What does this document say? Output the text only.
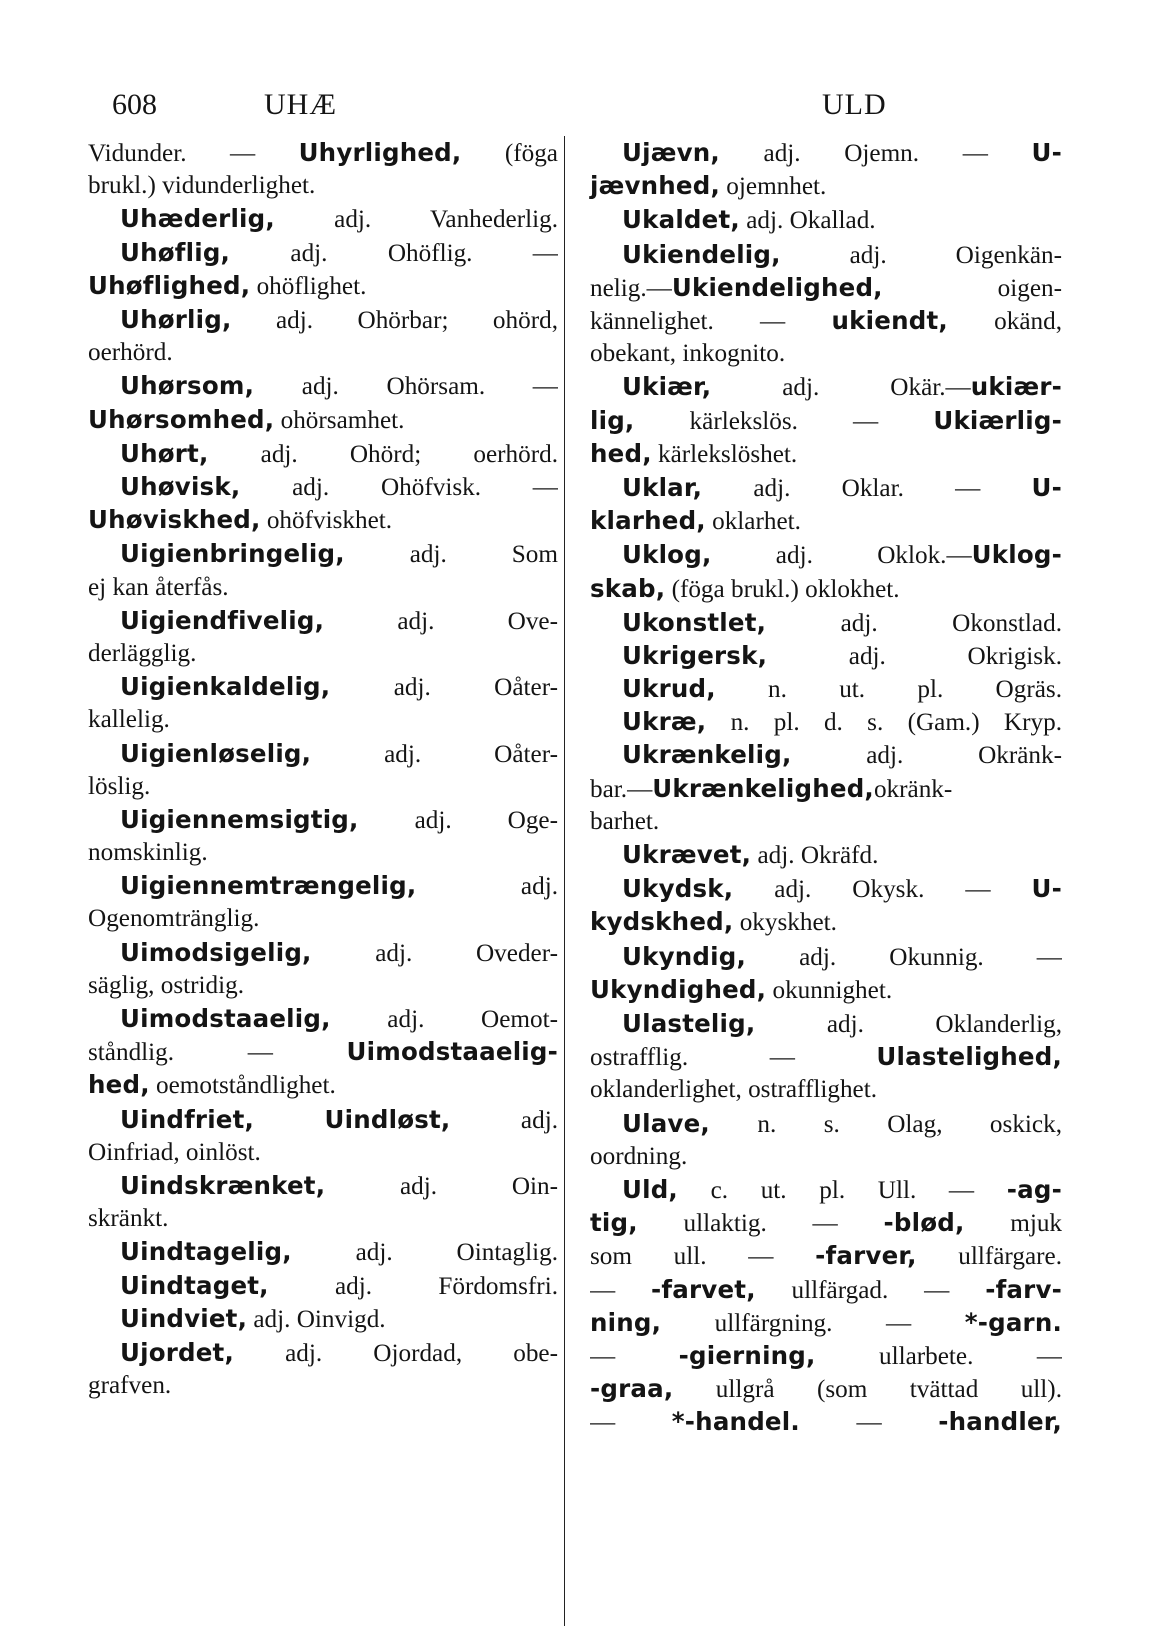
608	UHÆ	ULD
Vidunder. — Uhyrlighed, (föga
brukl.) vidunderlighet.
Uhæderlig, adj. Vanhederlig.
Uhøflig, adj. Ohöflig. —
Uhøflighed, ohöflighet.
Uhørlig, adj. Ohörbar; ohörd,
oerhörd.
Uhørsom, adj. Ohörsam. —
Uhørsomhed, ohörsamhet.
Uhørt, adj. Ohörd; oerhörd.
Uhøvisk, adj. Ohöfvisk. —
Uhøviskhed, ohöfviskhet.
Uigienbringelig, adj. Som
ej kan återfås.
Uigiendfivelig, adj. Ove-
derlägglig.
Uigienkaldelig, adj. Oåter-
kallelig.
Uigienløselig, adj. Oåter-
löslig.
Uigiennemsigtig, adj. Oge-
nomskinlig.
Uigiennemtrængelig, adj.
Ogenomtränglig.
Uimodsigelig, adj. Oveder-
säglig, ostridig.
Uimodstaaelig, adj. Oemot-
ståndlig. — Uimodstaaelig-
hed, oemotståndlighet.
Uindfriet,	Uindløst, adj.
Oinfriad, oinlöst.
Uindskrænket, adj. Oin-
skränkt.
Uindtagelig, adj. Ointaglig.
Uindtaget, adj. Fördomsfri.
Uindviet, adj. Oinvigd.
Ujordet, adj. Ojordad, obe-
grafven.
Ujævn, adj. Ojemn. — U-
jævnhed, ojemnhet.
Ukaldet, adj. Okallad.
Ukiendelig, adj. Oigenkän-
nelig.—Ukiendelighed, oigen-
kännelighet. — ukiendt, okänd,
obekant, inkognito.
Ukiær, adj. Okär.—ukiær-
lig, kärlekslös. — Ukiærlig-
hed, kärlekslöshet.
Uklar, adj. Oklar. — U-
klarhed, oklarhet.
Uklog, adj. Oklok.—Uklog-
skab, (föga brukl.) oklokhet.
Ukonstlet, adj. Okonstlad.
Ukrigersk, adj. Okrigisk.
Ukrud, n. ut. pl. Ogräs.
Ukræ, n. pl. d. s. (Gam.) Kryp.
Ukrænkelig, adj. Okränk-
bar.—Ukrænkelighed,okränk-
barhet.
Ukrævet, adj. Okräfd.
Ukydsk, adj. Okysk. — U-
kydskhed, okyskhet.
Ukyndig, adj. Okunnig. —
Ukyndighed, okunnighet.
Ulastelig, adj. Oklanderlig,
ostrafflig. — Ulastelighed,
oklanderlighet, ostrafflighet.
Ulave, n. s. Olag, oskick,
oordning.
Uld, c. ut. pl. Ull. — -ag-
tig, ullaktig. — -blød, mjuk
som ull. — -farver, ullfärgare.
— -farvet, ullfärgad. — -farv-
ning, ullfärgning. — *-garn.
— -gierning, ullarbete. —
-graa, ullgrå (som tvättad ull).
— *-handel. — -handler,
